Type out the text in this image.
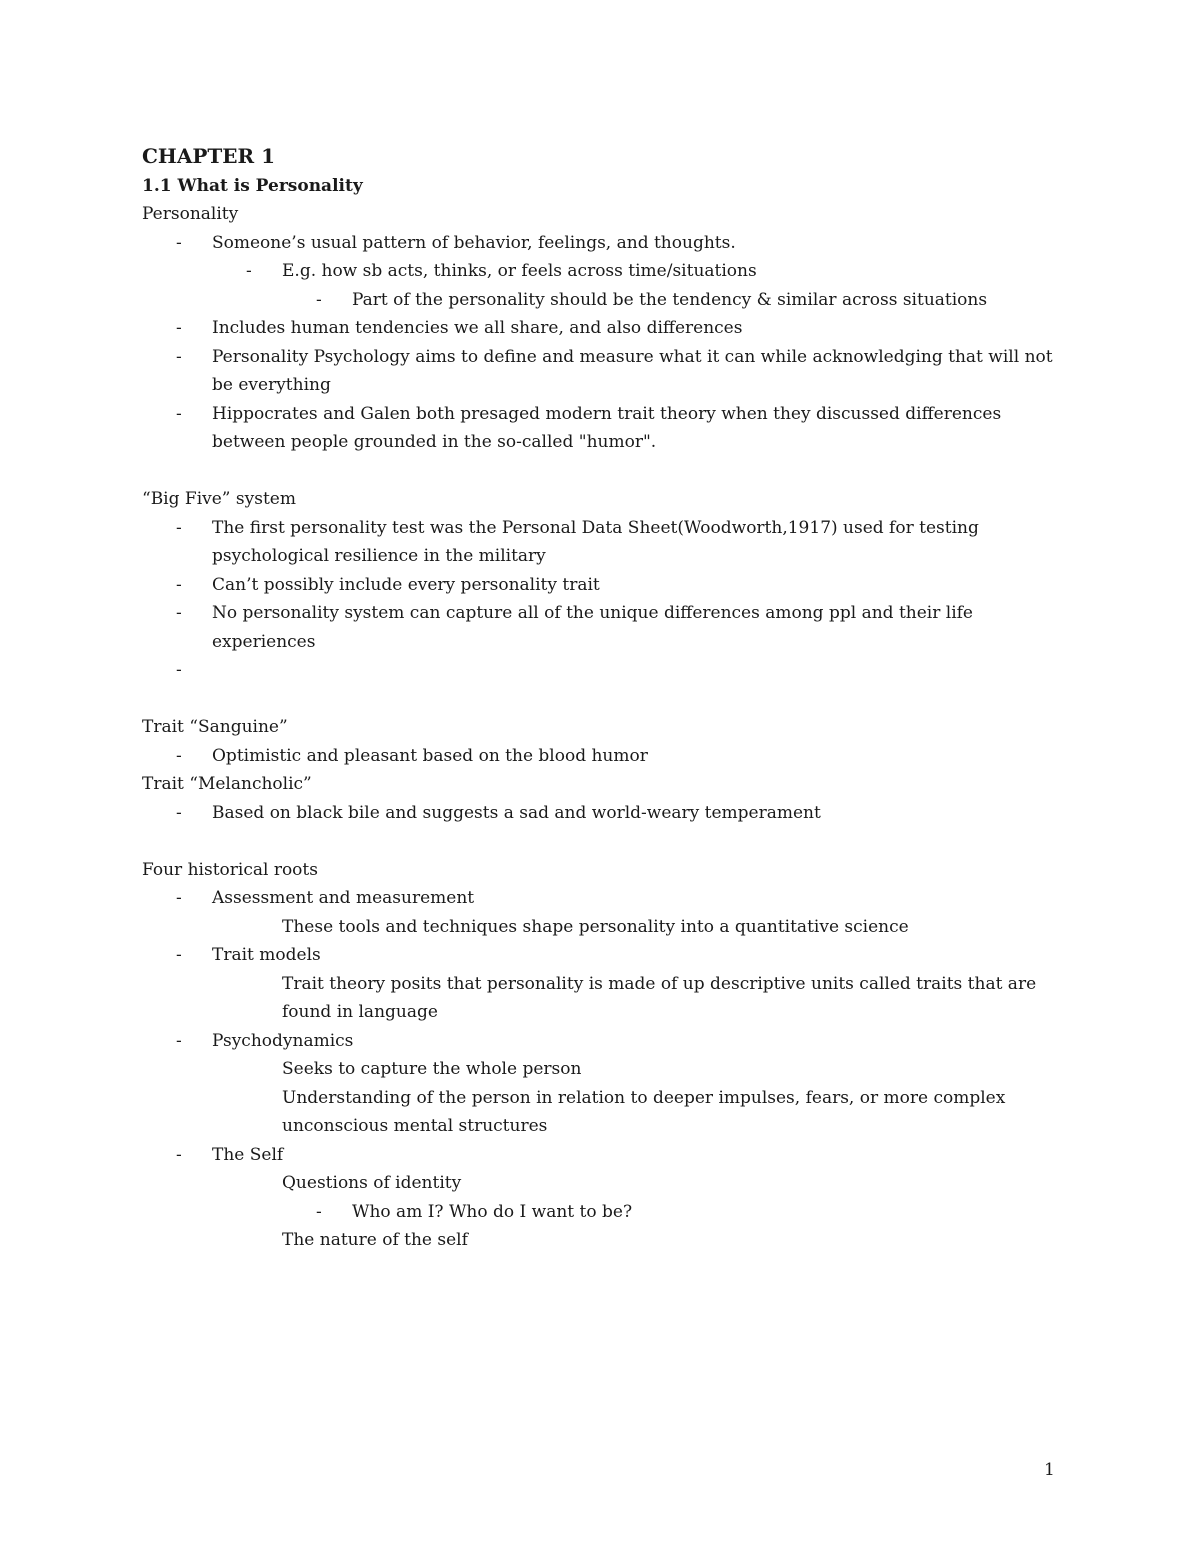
CHAPTER 1
1.1 What is Personality
Personality
- Someone’s usual pattern of behavior, feelings, and thoughts.
- E.g. how sb acts, thinks, or feels across time/situations
- Part of the personality should be the tendency & similar across situations
- Includes human tendencies we all share, and also differences
- Personality Psychology aims to define and measure what it can while acknowledging that will not
be everything
- Hippocrates and Galen both presaged modern trait theory when they discussed differences
between people grounded in the so-called "humor".
“Big Five” system
- The first personality test was the Personal Data Sheet(Woodworth,1917) used for testing
psychological resilience in the military
- Can’t possibly include every personality trait
- No personality system can capture all of the unique differences among ppl and their life
experiences
-
Trait “Sanguine”
- Optimistic and pleasant based on the blood humor
Trait “Melancholic”
- Based on black bile and suggests a sad and world-weary temperament
Four historical roots
- Assessment and measurement
These tools and techniques shape personality into a quantitative science
- Trait models
Trait theory posits that personality is made of up descriptive units called traits that are
found in language
- Psychodynamics
Seeks to capture the whole person
Understanding of the person in relation to deeper impulses, fears, or more complex
unconscious mental structures
- The Self
Questions of identity
- Who am I? Who do I want to be?
The nature of the self
1
